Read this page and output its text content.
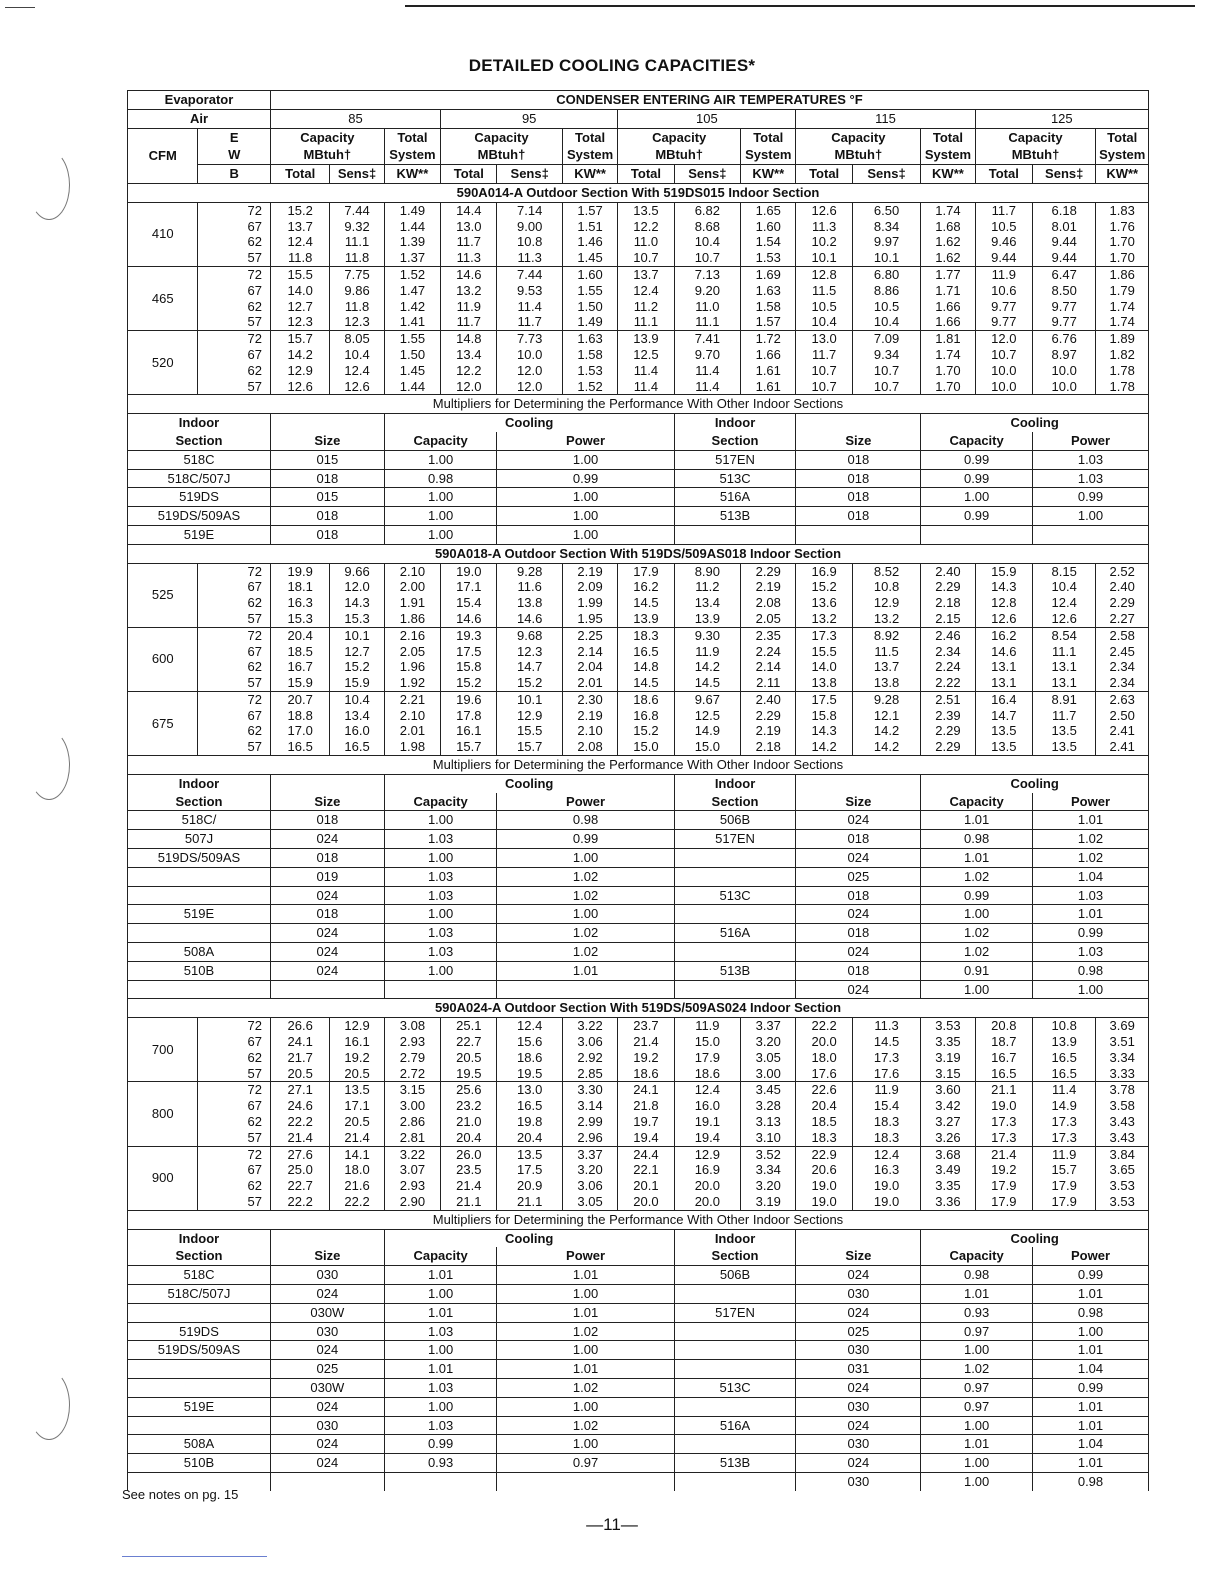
DETAILED COOLING CAPACITIES*
Evaporator		CONDENSER ENTERING AIR TEMPERATURES °F														
Air		85			95			105			115			125		
CFM	E	Capacity		Total	Capacity		Total	Capacity		Total	Capacity		Total	Capacity		Total
	W	MBtuh†		System	MBtuh†		System	MBtuh†		System	MBtuh†		System	MBtuh†		System
	B	Total	Sens‡	KW**	Total	Sens‡	KW**	Total	Sens‡	KW**	Total	Sens‡	KW**	Total	Sens‡	KW**
590A014-A Outdoor Section With 519DS015 Indoor Section																
410	72	15.2	7.44	1.49	14.4	7.14	1.57	13.5	6.82	1.65	12.6	6.50	1.74	11.7	6.18	1.83
	67	13.7	9.32	1.44	13.0	9.00	1.51	12.2	8.68	1.60	11.3	8.34	1.68	10.5	8.01	1.76
	62	12.4	11.1	1.39	11.7	10.8	1.46	11.0	10.4	1.54	10.2	9.97	1.62	9.46	9.44	1.70
	57	11.8	11.8	1.37	11.3	11.3	1.45	10.7	10.7	1.53	10.1	10.1	1.62	9.44	9.44	1.70
465	72	15.5	7.75	1.52	14.6	7.44	1.60	13.7	7.13	1.69	12.8	6.80	1.77	11.9	6.47	1.86
	67	14.0	9.86	1.47	13.2	9.53	1.55	12.4	9.20	1.63	11.5	8.86	1.71	10.6	8.50	1.79
	62	12.7	11.8	1.42	11.9	11.4	1.50	11.2	11.0	1.58	10.5	10.5	1.66	9.77	9.77	1.74
	57	12.3	12.3	1.41	11.7	11.7	1.49	11.1	11.1	1.57	10.4	10.4	1.66	9.77	9.77	1.74
520	72	15.7	8.05	1.55	14.8	7.73	1.63	13.9	7.41	1.72	13.0	7.09	1.81	12.0	6.76	1.89
	67	14.2	10.4	1.50	13.4	10.0	1.58	12.5	9.70	1.66	11.7	9.34	1.74	10.7	8.97	1.82
	62	12.9	12.4	1.45	12.2	12.0	1.53	11.4	11.4	1.61	10.7	10.7	1.70	10.0	10.0	1.78
	57	12.6	12.6	1.44	12.0	12.0	1.52	11.4	11.4	1.61	10.7	10.7	1.70	10.0	10.0	1.78
Multipliers for Determining the Performance With Other Indoor Sections																
Indoor				Cooling					Indoor				Cooling			
Section		Size		Capacity		Power			Section		Size		Capacity		Power	
518C		015		1.00		1.00			517EN		018		0.99		1.03	
518C/507J		018		0.98		0.99			513C		018		0.99		1.03	
519DS		015		1.00		1.00			516A		018		1.00		0.99	
519DS/509AS		018		1.00		1.00			513B		018		0.99		1.00	
519E		018		1.00		1.00										
590A018-A Outdoor Section With 519DS/509AS018 Indoor Section																
525	72	19.9	9.66	2.10	19.0	9.28	2.19	17.9	8.90	2.29	16.9	8.52	2.40	15.9	8.15	2.52
	67	18.1	12.0	2.00	17.1	11.6	2.09	16.2	11.2	2.19	15.2	10.8	2.29	14.3	10.4	2.40
	62	16.3	14.3	1.91	15.4	13.8	1.99	14.5	13.4	2.08	13.6	12.9	2.18	12.8	12.4	2.29
	57	15.3	15.3	1.86	14.6	14.6	1.95	13.9	13.9	2.05	13.2	13.2	2.15	12.6	12.6	2.27
600	72	20.4	10.1	2.16	19.3	9.68	2.25	18.3	9.30	2.35	17.3	8.92	2.46	16.2	8.54	2.58
	67	18.5	12.7	2.05	17.5	12.3	2.14	16.5	11.9	2.24	15.5	11.5	2.34	14.6	11.1	2.45
	62	16.7	15.2	1.96	15.8	14.7	2.04	14.8	14.2	2.14	14.0	13.7	2.24	13.1	13.1	2.34
	57	15.9	15.9	1.92	15.2	15.2	2.01	14.5	14.5	2.11	13.8	13.8	2.22	13.1	13.1	2.34
675	72	20.7	10.4	2.21	19.6	10.1	2.30	18.6	9.67	2.40	17.5	9.28	2.51	16.4	8.91	2.63
	67	18.8	13.4	2.10	17.8	12.9	2.19	16.8	12.5	2.29	15.8	12.1	2.39	14.7	11.7	2.50
	62	17.0	16.0	2.01	16.1	15.5	2.10	15.2	14.9	2.19	14.3	14.2	2.29	13.5	13.5	2.41
	57	16.5	16.5	1.98	15.7	15.7	2.08	15.0	15.0	2.18	14.2	14.2	2.29	13.5	13.5	2.41
Multipliers for Determining the Performance With Other Indoor Sections																
Indoor				Cooling					Indoor				Cooling			
Section		Size		Capacity		Power			Section		Size		Capacity		Power	
518C/		018		1.00		0.98			506B		024		1.01		1.01	
507J		024		1.03		0.99			517EN		018		0.98		1.02	
519DS/509AS		018		1.00		1.00					024		1.01		1.02	
		019		1.03		1.02					025		1.02		1.04	
		024		1.03		1.02			513C		018		0.99		1.03	
519E		018		1.00		1.00					024		1.00		1.01	
		024		1.03		1.02			516A		018		1.02		0.99	
508A		024		1.03		1.02					024		1.02		1.03	
510B		024		1.00		1.01			513B		018		0.91		0.98	
											024		1.00		1.00	
590A024-A Outdoor Section With 519DS/509AS024 Indoor Section																
700	72	26.6	12.9	3.08	25.1	12.4	3.22	23.7	11.9	3.37	22.2	11.3	3.53	20.8	10.8	3.69
	67	24.1	16.1	2.93	22.7	15.6	3.06	21.4	15.0	3.20	20.0	14.5	3.35	18.7	13.9	3.51
	62	21.7	19.2	2.79	20.5	18.6	2.92	19.2	17.9	3.05	18.0	17.3	3.19	16.7	16.5	3.34
	57	20.5	20.5	2.72	19.5	19.5	2.85	18.6	18.6	3.00	17.6	17.6	3.15	16.5	16.5	3.33
800	72	27.1	13.5	3.15	25.6	13.0	3.30	24.1	12.4	3.45	22.6	11.9	3.60	21.1	11.4	3.78
	67	24.6	17.1	3.00	23.2	16.5	3.14	21.8	16.0	3.28	20.4	15.4	3.42	19.0	14.9	3.58
	62	22.2	20.5	2.86	21.0	19.8	2.99	19.7	19.1	3.13	18.5	18.3	3.27	17.3	17.3	3.43
	57	21.4	21.4	2.81	20.4	20.4	2.96	19.4	19.4	3.10	18.3	18.3	3.26	17.3	17.3	3.43
900	72	27.6	14.1	3.22	26.0	13.5	3.37	24.4	12.9	3.52	22.9	12.4	3.68	21.4	11.9	3.84
	67	25.0	18.0	3.07	23.5	17.5	3.20	22.1	16.9	3.34	20.6	16.3	3.49	19.2	15.7	3.65
	62	22.7	21.6	2.93	21.4	20.9	3.06	20.1	20.0	3.20	19.0	19.0	3.35	17.9	17.9	3.53
	57	22.2	22.2	2.90	21.1	21.1	3.05	20.0	20.0	3.19	19.0	19.0	3.36	17.9	17.9	3.53
Multipliers for Determining the Performance With Other Indoor Sections																
Indoor				Cooling					Indoor				Cooling			
Section		Size		Capacity		Power			Section		Size		Capacity		Power	
518C		030		1.01		1.01			506B		024		0.98		0.99	
518C/507J		024		1.00		1.00					030		1.01		1.01	
		030W		1.01		1.01			517EN		024		0.93		0.98	
519DS		030		1.03		1.02					025		0.97		1.00	
519DS/509AS		024		1.00		1.00					030		1.00		1.01	
		025		1.01		1.01					031		1.02		1.04	
		030W		1.03		1.02			513C		024		0.97		0.99	
519E		024		1.00		1.00					030		0.97		1.01	
		030		1.03		1.02			516A		024		1.00		1.01	
508A		024		0.99		1.00					030		1.01		1.04	
510B		024		0.93		0.97			513B		024		1.00		1.01	
											030		1.00		0.98	
See notes on pg. 15
—11—
